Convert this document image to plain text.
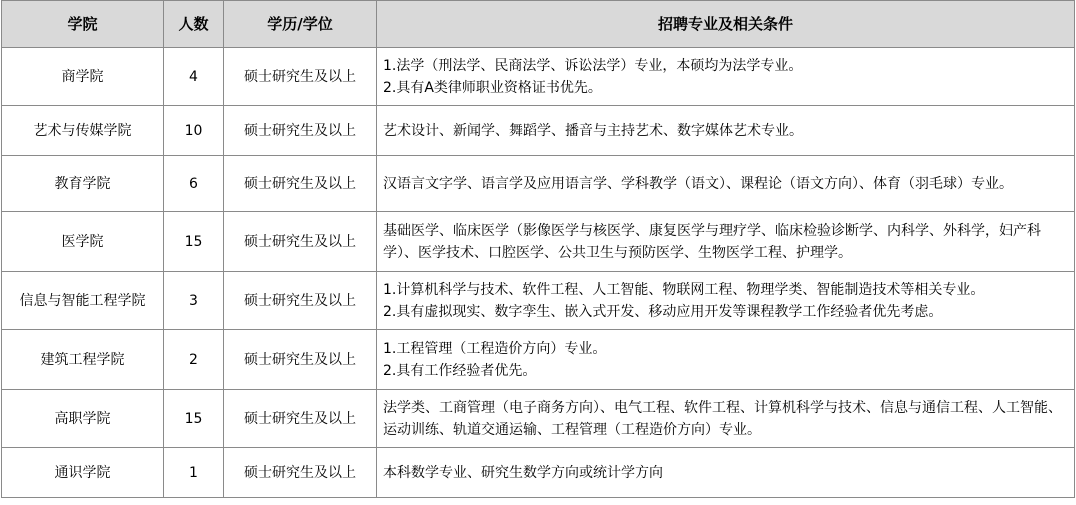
学院	人数	学历/学位	招聘专业及相关条件
商学院	4	硕士研究生及以上	1.法学（刑法学、民商法学、诉讼法学）专业，本硕均为法学专业。
2.具有A类律师职业资格证书优先。

艺术与传媒学院	10	硕士研究生及以上	艺术设计、新闻学、舞蹈学、播音与主持艺术、数字媒体艺术专业。

教育学院	6	硕士研究生及以上	汉语言文字学、语言学及应用语言学、学科教学（语文）、课程论（语文方向）、体育（羽毛球）专业。

医学院	15	硕士研究生及以上	基础医学、临床医学（影像医学与核医学、康复医学与理疗学、临床检验诊断学、内科学、外科学，妇产科学）、医学技术、口腔医学、公共卫生与预防医学、生物医学工程、护理学。

信息与智能工程学院	3	硕士研究生及以上	1.计算机科学与技术、软件工程、人工智能、物联网工程、物理学类、智能制造技术等相关专业。
2.具有虚拟现实、数字孪生、嵌入式开发、移动应用开发等课程教学工作经验者优先考虑。

建筑工程学院	2	硕士研究生及以上	1.工程管理（工程造价方向）专业。
2.具有工作经验者优先。

高职学院	15	硕士研究生及以上	法学类、工商管理（电子商务方向）、电气工程、软件工程、计算机科学与技术、信息与通信工程、人工智能、运动训练、轨道交通运输、工程管理（工程造价方向）专业。

通识学院	1	硕士研究生及以上	本科数学专业、研究生数学方向或统计学方向
